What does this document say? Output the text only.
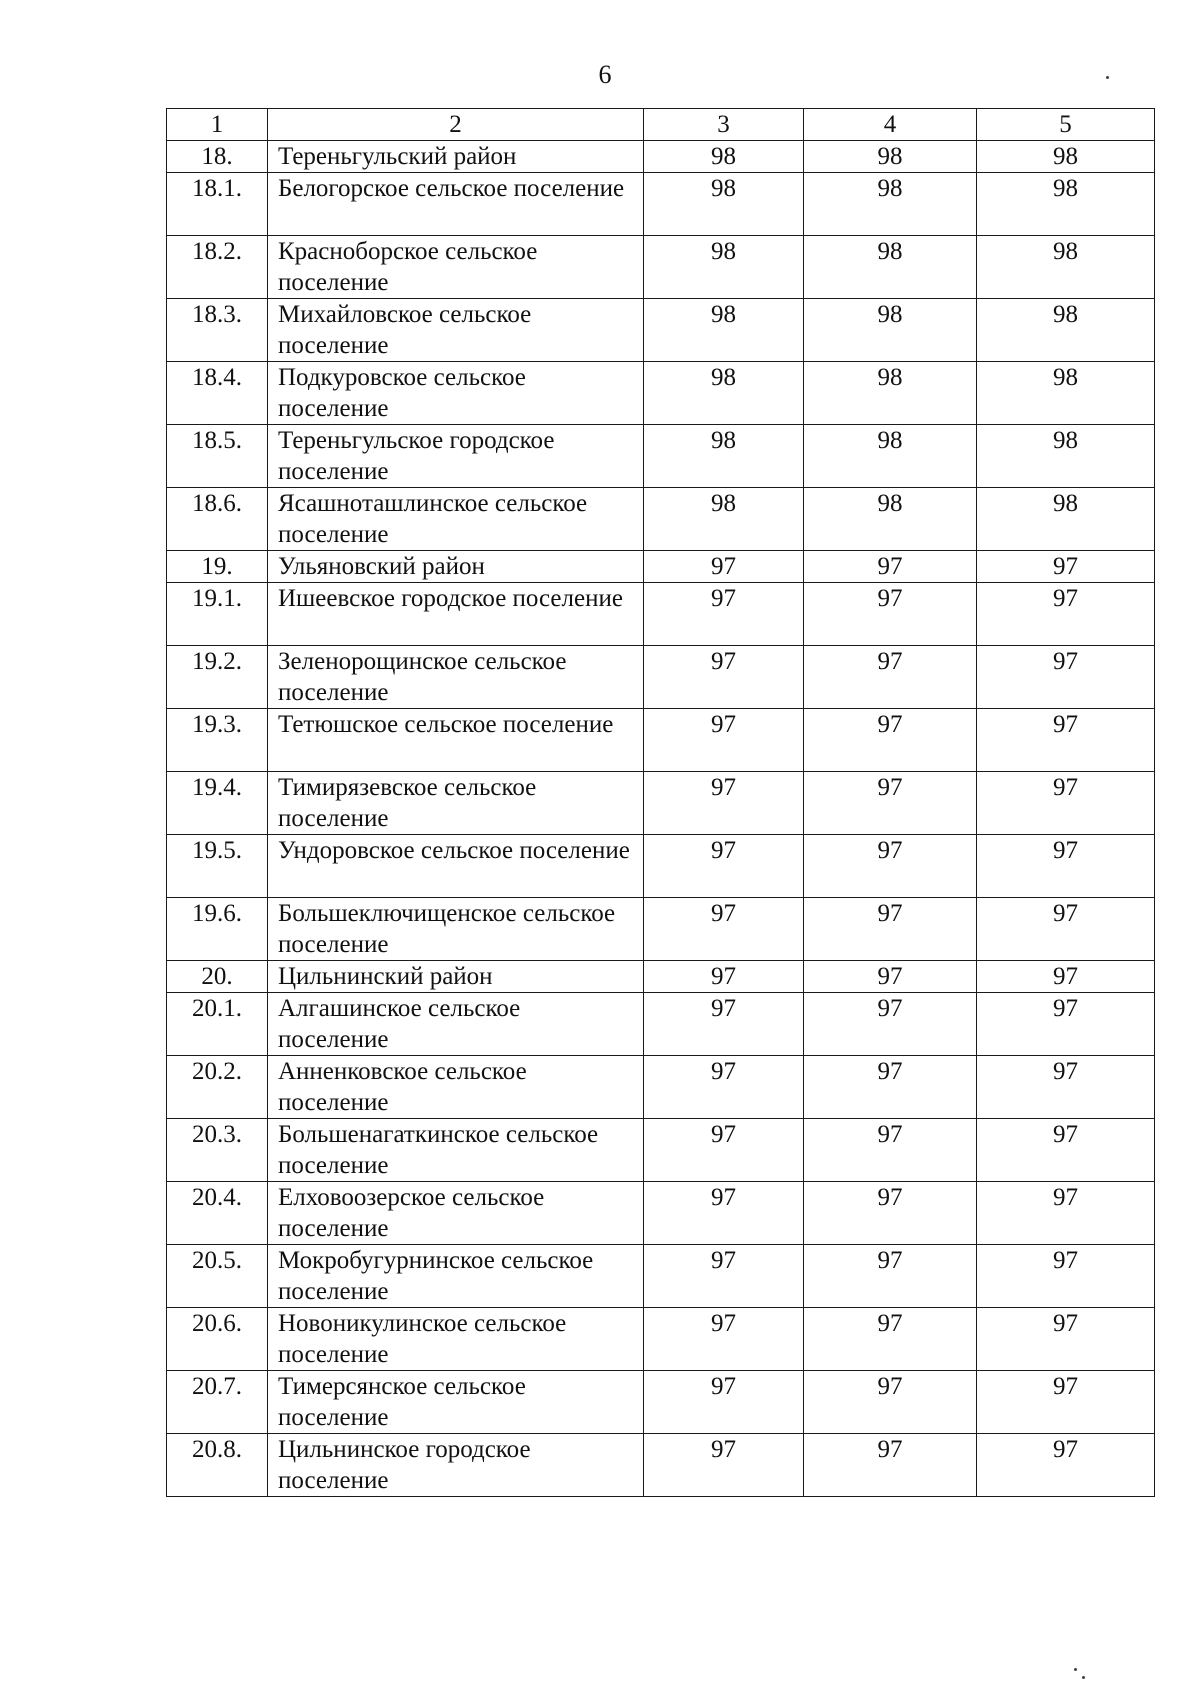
6
1	2	3	4	5
18.	Тереньгульский район	98	98	98
18.1.	Белогорское сельское поселение	98	98	98
18.2.	Красноборское сельское поселение	98	98	98
18.3.	Михайловское сельское поселение	98	98	98
18.4.	Подкуровское сельское поселение	98	98	98
18.5.	Тереньгульское городское поселение	98	98	98
18.6.	Ясашноташлинское сельское поселение	98	98	98
19.	Ульяновский район	97	97	97
19.1.	Ишеевское городское поселение	97	97	97
19.2.	Зеленорощинское сельское поселение	97	97	97
19.3.	Тетюшское сельское поселение	97	97	97
19.4.	Тимирязевское сельское поселение	97	97	97
19.5.	Ундоровское сельское поселение	97	97	97
19.6.	Большеключищенское сельское поселение	97	97	97
20.	Цильнинский район	97	97	97
20.1.	Алгашинское сельское поселение	97	97	97
20.2.	Анненковское сельское поселение	97	97	97
20.3.	Большенагаткинское сельское поселение	97	97	97
20.4.	Елховоозерское сельское поселение	97	97	97
20.5.	Мокробугурнинское сельское поселение	97	97	97
20.6.	Новоникулинское сельское поселение	97	97	97
20.7.	Тимерсянское сельское поселение	97	97	97
20.8.	Цильнинское городское поселение	97	97	97
